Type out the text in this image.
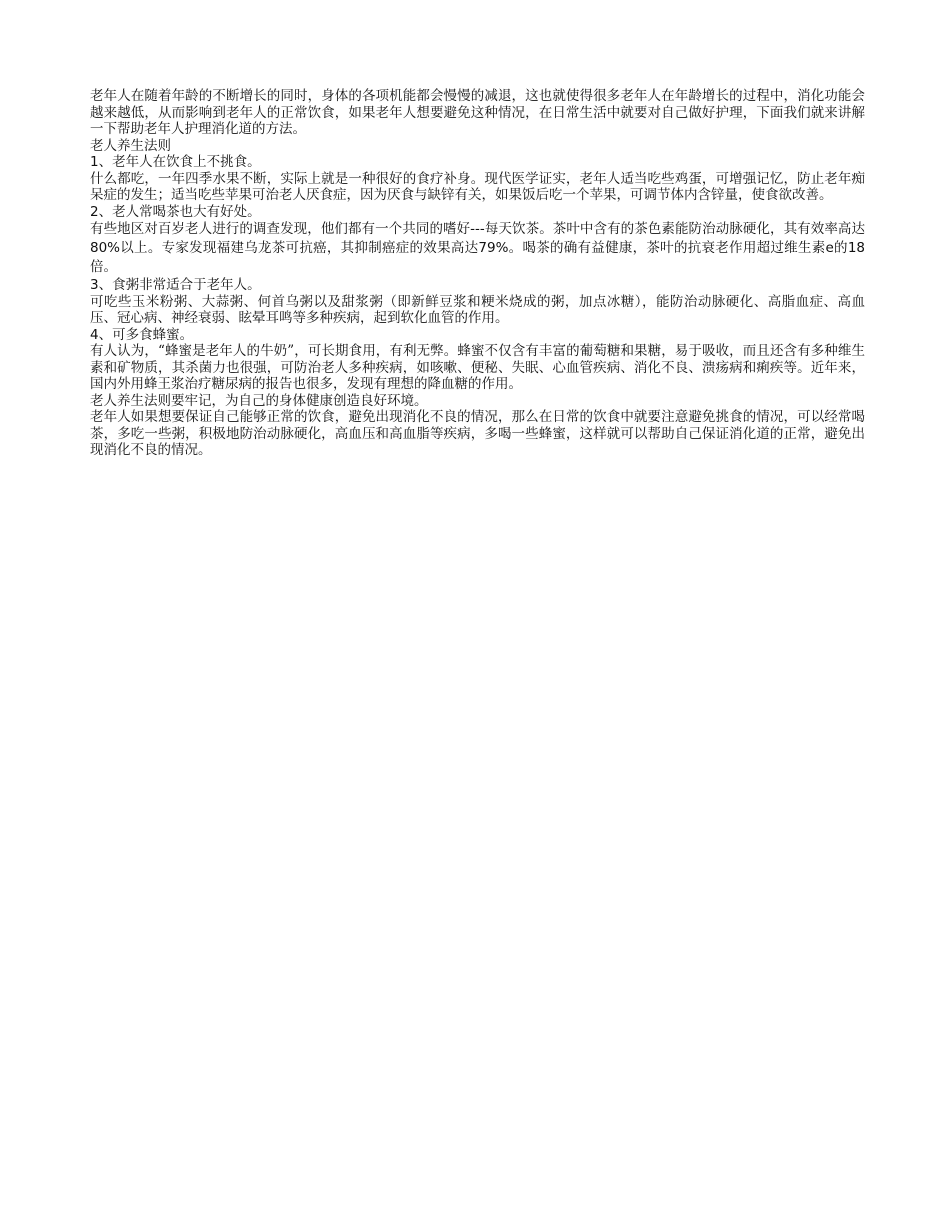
老年人在随着年龄的不断增长的同时，身体的各项机能都会慢慢的减退，这也就使得很多老年人在年龄增长的过程中，消化功能会越来越低，从而影响到老年人的正常饮食，如果老年人想要避免这种情况，在日常生活中就要对自己做好护理，下面我们就来讲解一下帮助老年人护理消化道的方法。

老人养生法则

1、老年人在饮食上不挑食。

什么都吃，一年四季水果不断，实际上就是一种很好的食疗补身。现代医学证实，老年人适当吃些鸡蛋，可增强记忆，防止老年痴呆症的发生；适当吃些苹果可治老人厌食症，因为厌食与缺锌有关，如果饭后吃一个苹果，可调节体内含锌量，使食欲改善。

2、老人常喝茶也大有好处。

有些地区对百岁老人进行的调查发现，他们都有一个共同的嗜好---每天饮茶。茶叶中含有的茶色素能防治动脉硬化，其有效率高达80%以上。专家发现福建乌龙茶可抗癌，其抑制癌症的效果高达79%。喝茶的确有益健康，茶叶的抗衰老作用超过维生素e的18倍。

3、食粥非常适合于老年人。

可吃些玉米粉粥、大蒜粥、何首乌粥以及甜浆粥（即新鲜豆浆和粳米烧成的粥，加点冰糖），能防治动脉硬化、高脂血症、高血压、冠心病、神经衰弱、眩晕耳鸣等多种疾病，起到软化血管的作用。

4、可多食蜂蜜。

有人认为，“蜂蜜是老年人的牛奶”，可长期食用，有利无弊。蜂蜜不仅含有丰富的葡萄糖和果糖，易于吸收，而且还含有多种维生素和矿物质，其杀菌力也很强，可防治老人多种疾病，如咳嗽、便秘、失眠、心血管疾病、消化不良、溃疡病和痢疾等。近年来，国内外用蜂王浆治疗糖尿病的报告也很多，发现有理想的降血糖的作用。

老人养生法则要牢记，为自己的身体健康创造良好环境。

老年人如果想要保证自己能够正常的饮食，避免出现消化不良的情况，那么在日常的饮食中就要注意避免挑食的情况，可以经常喝茶，多吃一些粥，积极地防治动脉硬化，高血压和高血脂等疾病，多喝一些蜂蜜，这样就可以帮助自己保证消化道的正常，避免出现消化不良的情况。
